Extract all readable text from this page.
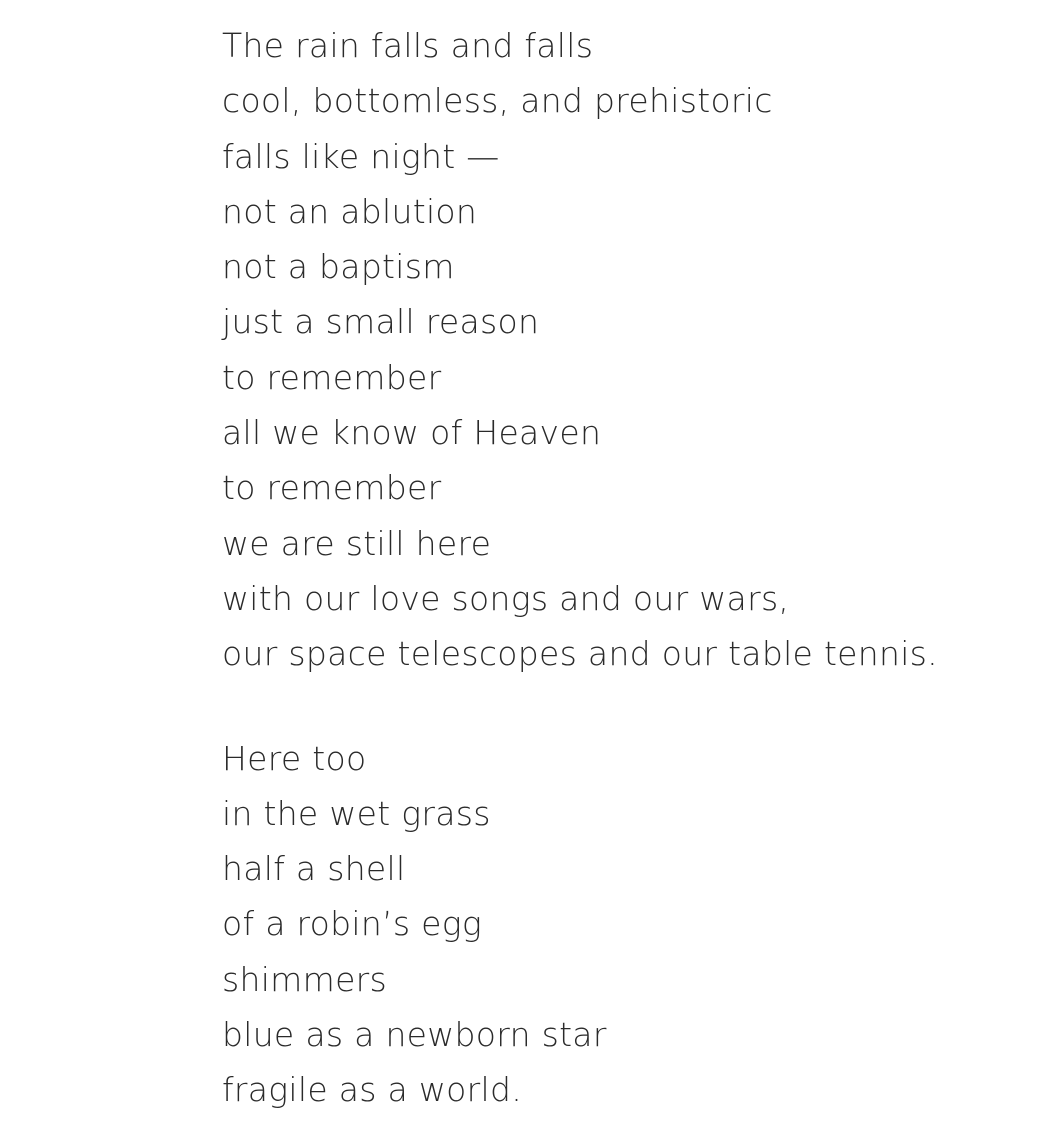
The rain falls and falls
cool, bottomless, and prehistoric
falls like night —
not an ablution
not a baptism
just a small reason
to remember
all we know of Heaven
to remember
we are still here
with our love songs and our wars,
our space telescopes and our table tennis.
Here too
in the wet grass
half a shell
of a robin’s egg
shimmers
blue as a newborn star
fragile as a world.
